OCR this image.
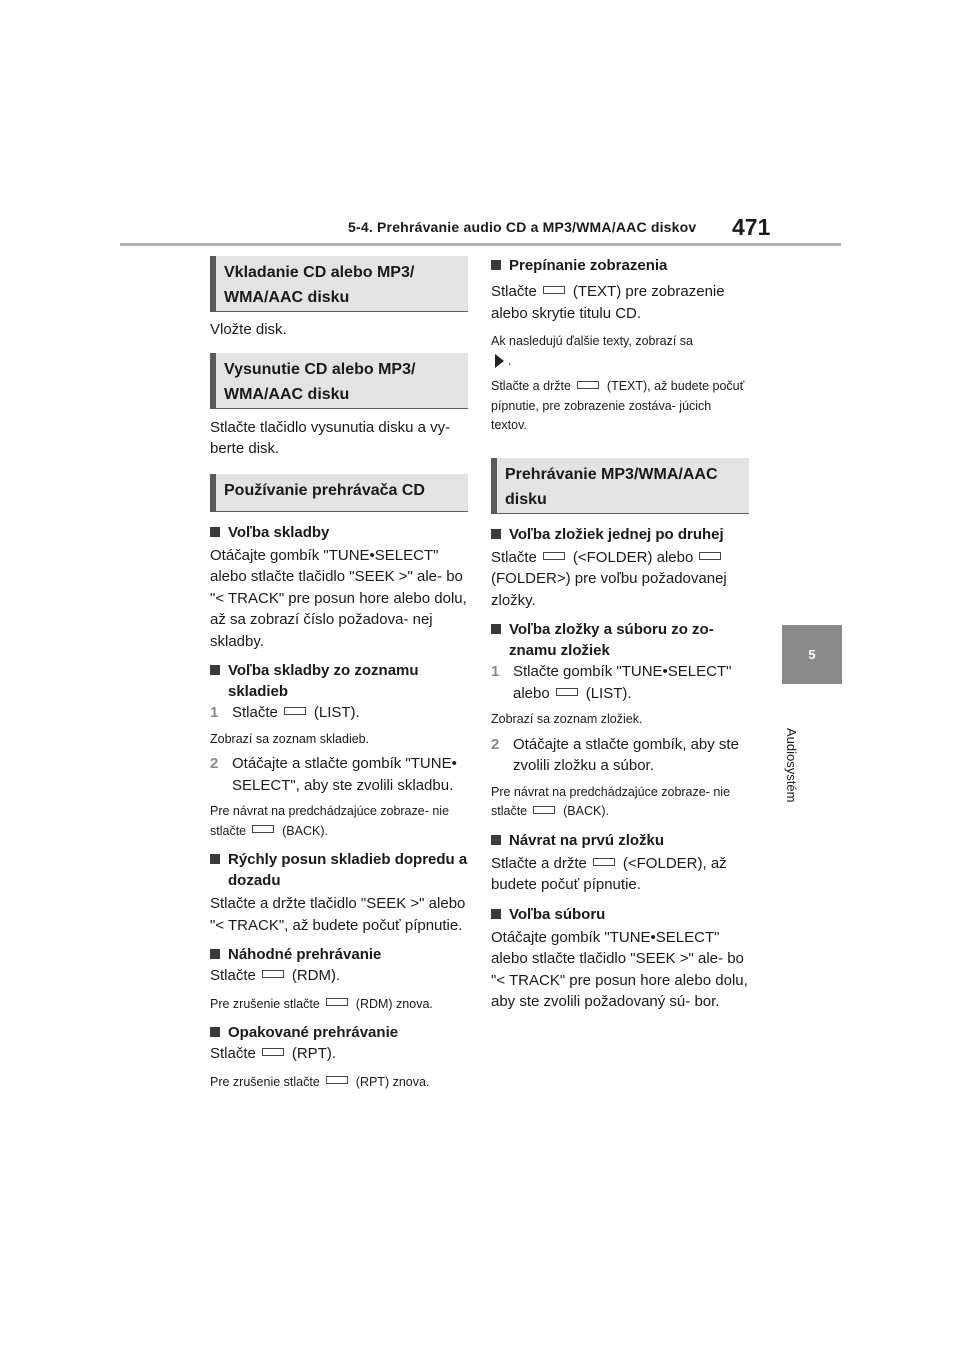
5-4. Prehrávanie audio CD a MP3/WMA/AAC diskov 471
5
Audiosystém
Vkladanie CD alebo MP3/ WMA/AAC disku

Vložte disk.

Vysunutie CD alebo MP3/ WMA/AAC disku

Stlačte tlačidlo vysunutia disku a vy- berte disk.

Používanie prehrávača CD

Voľba skladby

Otáčajte gombík "TUNE•SELECT" alebo stlačte tlačidlo "SEEK >" ale- bo "< TRACK" pre posun hore alebo dolu, až sa zobrazí číslo požadova- nej skladby.

Voľba skladby zo zoznamu skladieb

1 Stlačte (LIST).

Zobrazí sa zoznam skladieb.

2 Otáčajte a stlačte gombík "TUNE• SELECT", aby ste zvolili skladbu.

Pre návrat na predchádzajúce zobraze- nie stlačte	(BACK).

Rýchly posun skladieb dopredu a dozadu

Stlačte a držte tlačidlo "SEEK >" alebo "< TRACK", až budete počuť pípnutie.

Náhodné prehrávanie

Stlačte (RDM).

Pre zrušenie stlačte	(RDM) znova.

Opakované prehrávanie

Stlačte (RPT).

Pre zrušenie stlačte	(RPT) znova.

Prepínanie zobrazenia

Stlačte (TEXT) pre zobrazenie alebo skrytie titulu CD.

Ak nasledujú ďalšie texty, zobrazí sa
.

Stlačte a držte	(TEXT), až budete počuť pípnutie, pre zobrazenie zostáva- júcich textov.

Prehrávanie MP3/WMA/AAC disku

Voľba zložiek jednej po druhej

Stlačte (<FOLDER) alebo(FOLDER>) pre voľbu požadovanej zložky.

Voľba zložky a súboru zo zo- znamu zložiek

1 Stlačte gombík "TUNE•SELECT" alebo (LIST).

Zobrazí sa zoznam zložiek.

2 Otáčajte a stlačte gombík, aby ste zvolili zložku a súbor.

Pre návrat na predchádzajúce zobraze- nie stlačte	(BACK).

Návrat na prvú zložku

Stlačte a držte (<FOLDER), až budete počuť pípnutie.

Voľba súboru

Otáčajte gombík "TUNE•SELECT" alebo stlačte tlačidlo "SEEK >" ale- bo "< TRACK" pre posun hore alebo dolu, aby ste zvolili požadovaný sú- bor.
